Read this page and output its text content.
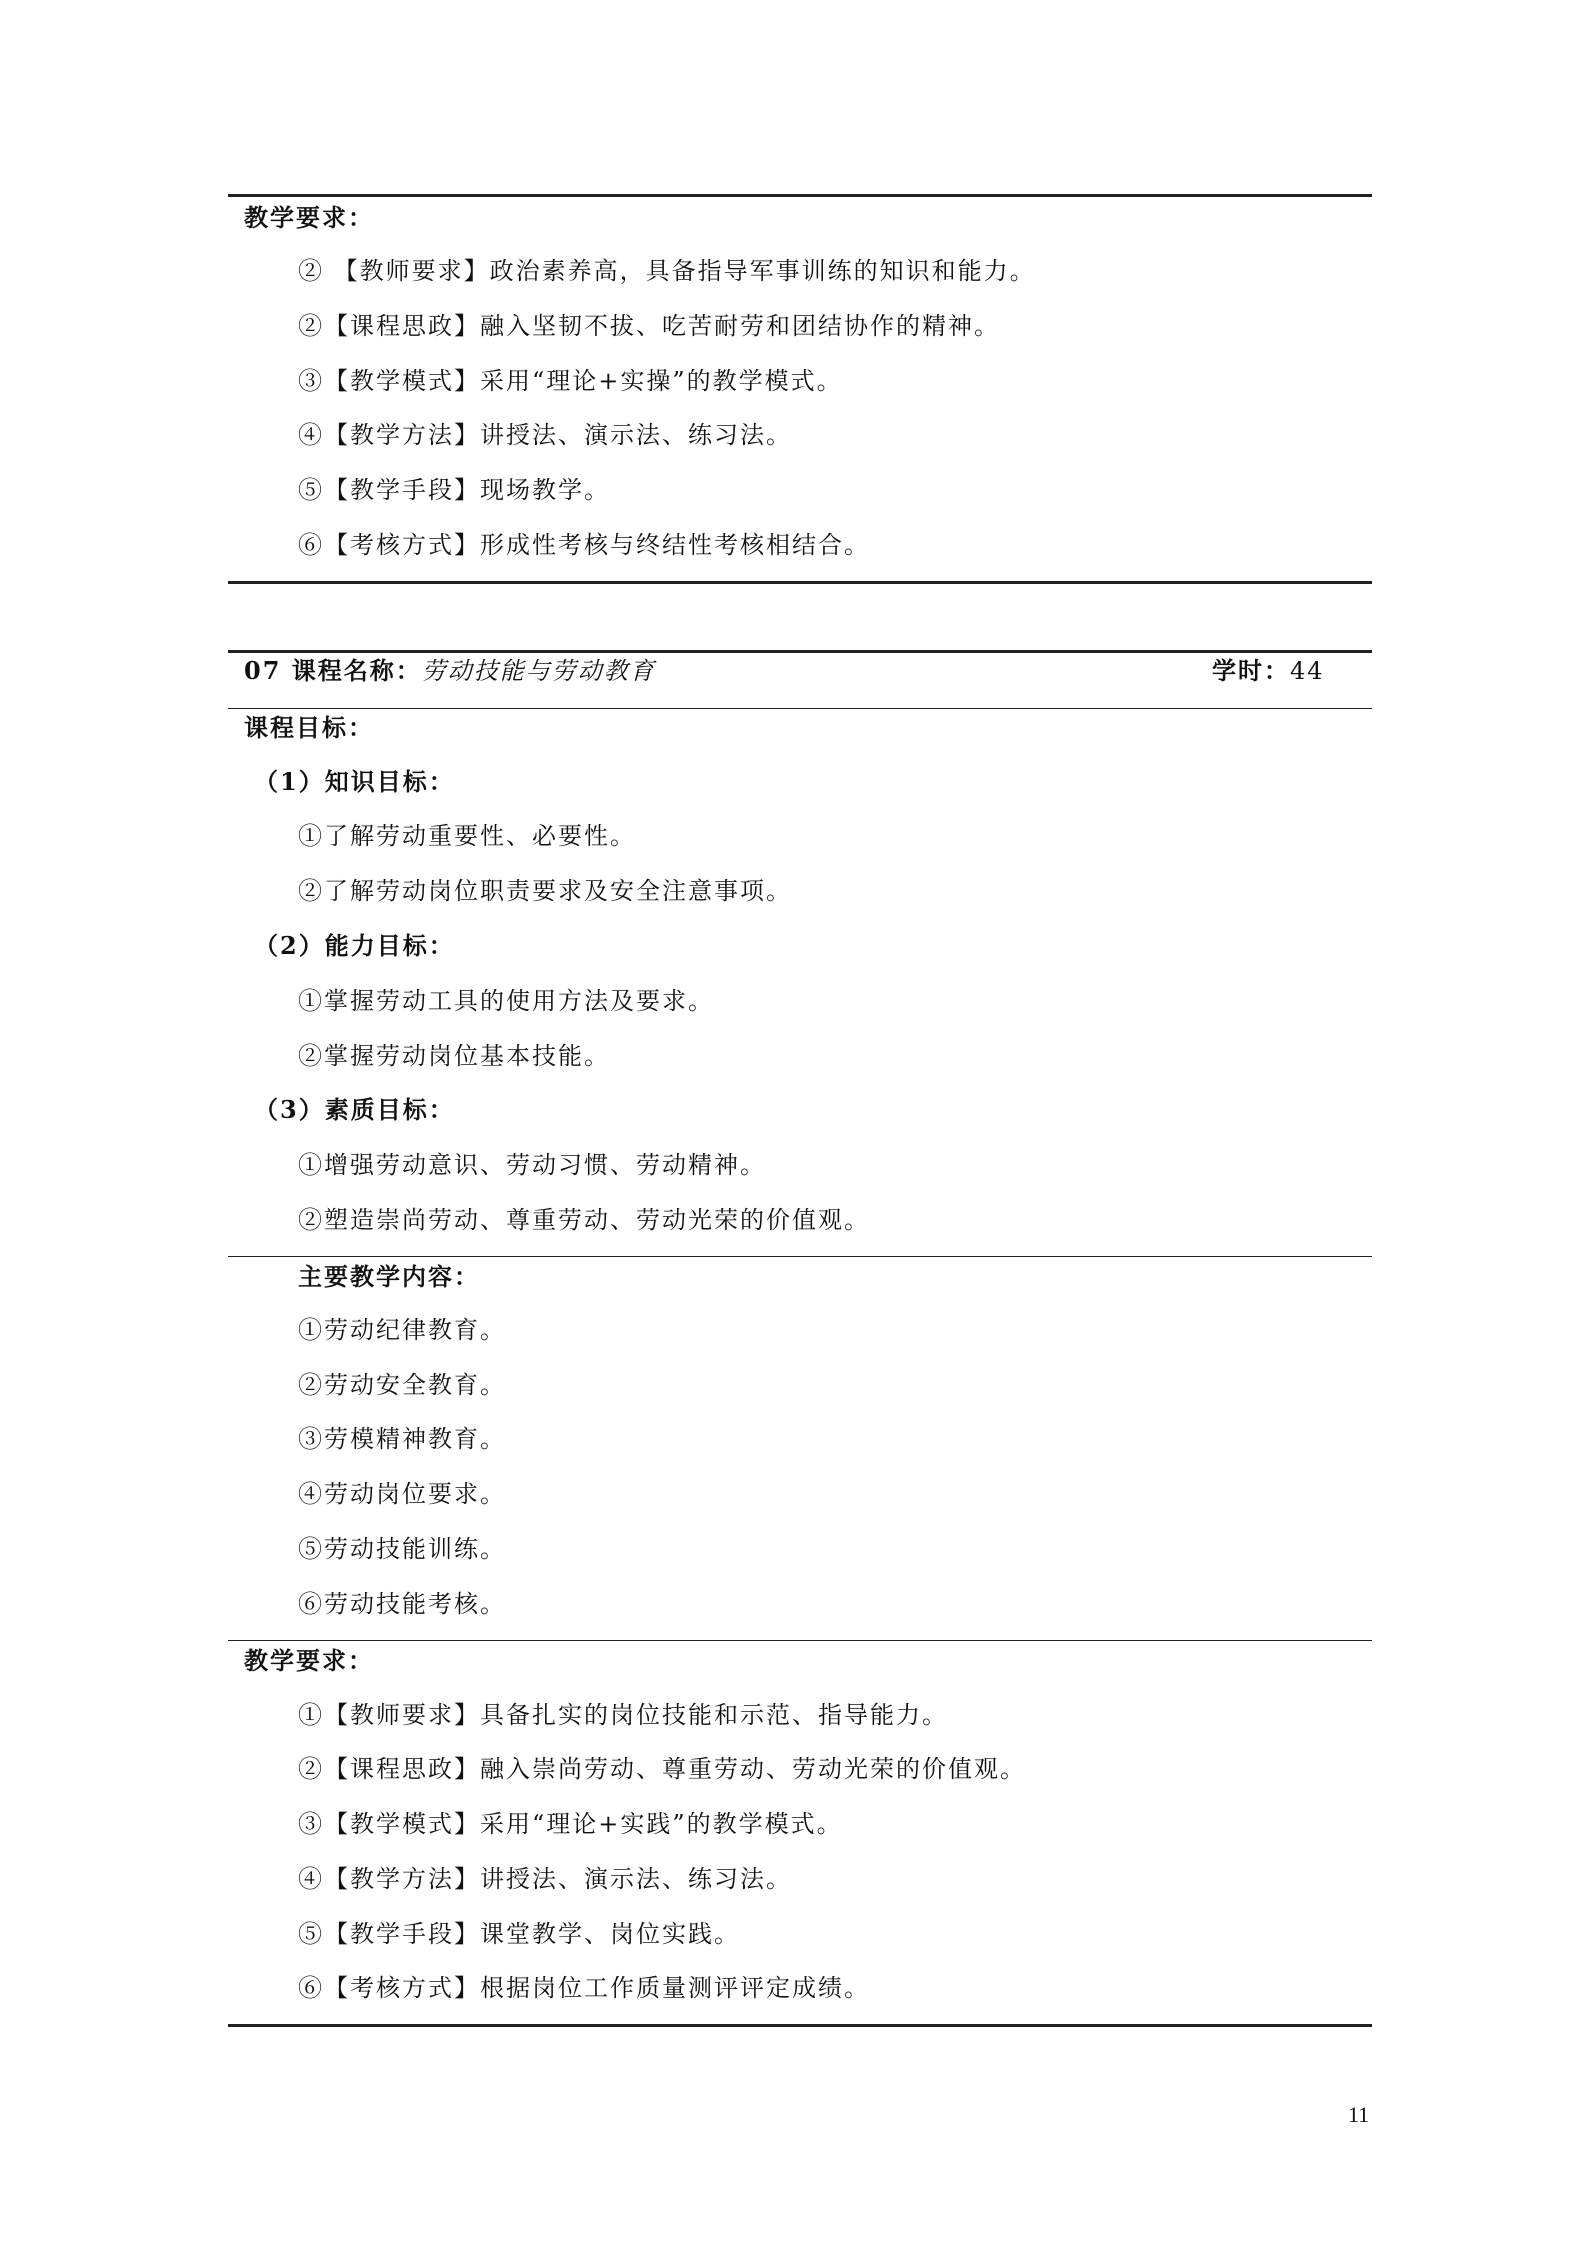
教学要求：
② 【教师要求】政治素养高，具备指导军事训练的知识和能力。
②【课程思政】融入坚韧不拔、吃苦耐劳和团结协作的精神。
③【教学模式】采用“理论+实操”的教学模式。
④【教学方法】讲授法、演示法、练习法。
⑤【教学手段】现场教学。
⑥【考核方式】形成性考核与终结性考核相结合。
07 课程名称：劳动技能与劳动教育	学时：44
课程目标：
（1）知识目标：
①了解劳动重要性、必要性。
②了解劳动岗位职责要求及安全注意事项。
（2）能力目标：
①掌握劳动工具的使用方法及要求。
②掌握劳动岗位基本技能。
（3）素质目标：
①增强劳动意识、劳动习惯、劳动精神。
②塑造崇尚劳动、尊重劳动、劳动光荣的价值观。
主要教学内容：
①劳动纪律教育。
②劳动安全教育。
③劳模精神教育。
④劳动岗位要求。
⑤劳动技能训练。
⑥劳动技能考核。
教学要求：
①【教师要求】具备扎实的岗位技能和示范、指导能力。
②【课程思政】融入崇尚劳动、尊重劳动、劳动光荣的价值观。
③【教学模式】采用“理论+实践”的教学模式。
④【教学方法】讲授法、演示法、练习法。
⑤【教学手段】课堂教学、岗位实践。
⑥【考核方式】根据岗位工作质量测评评定成绩。
11
